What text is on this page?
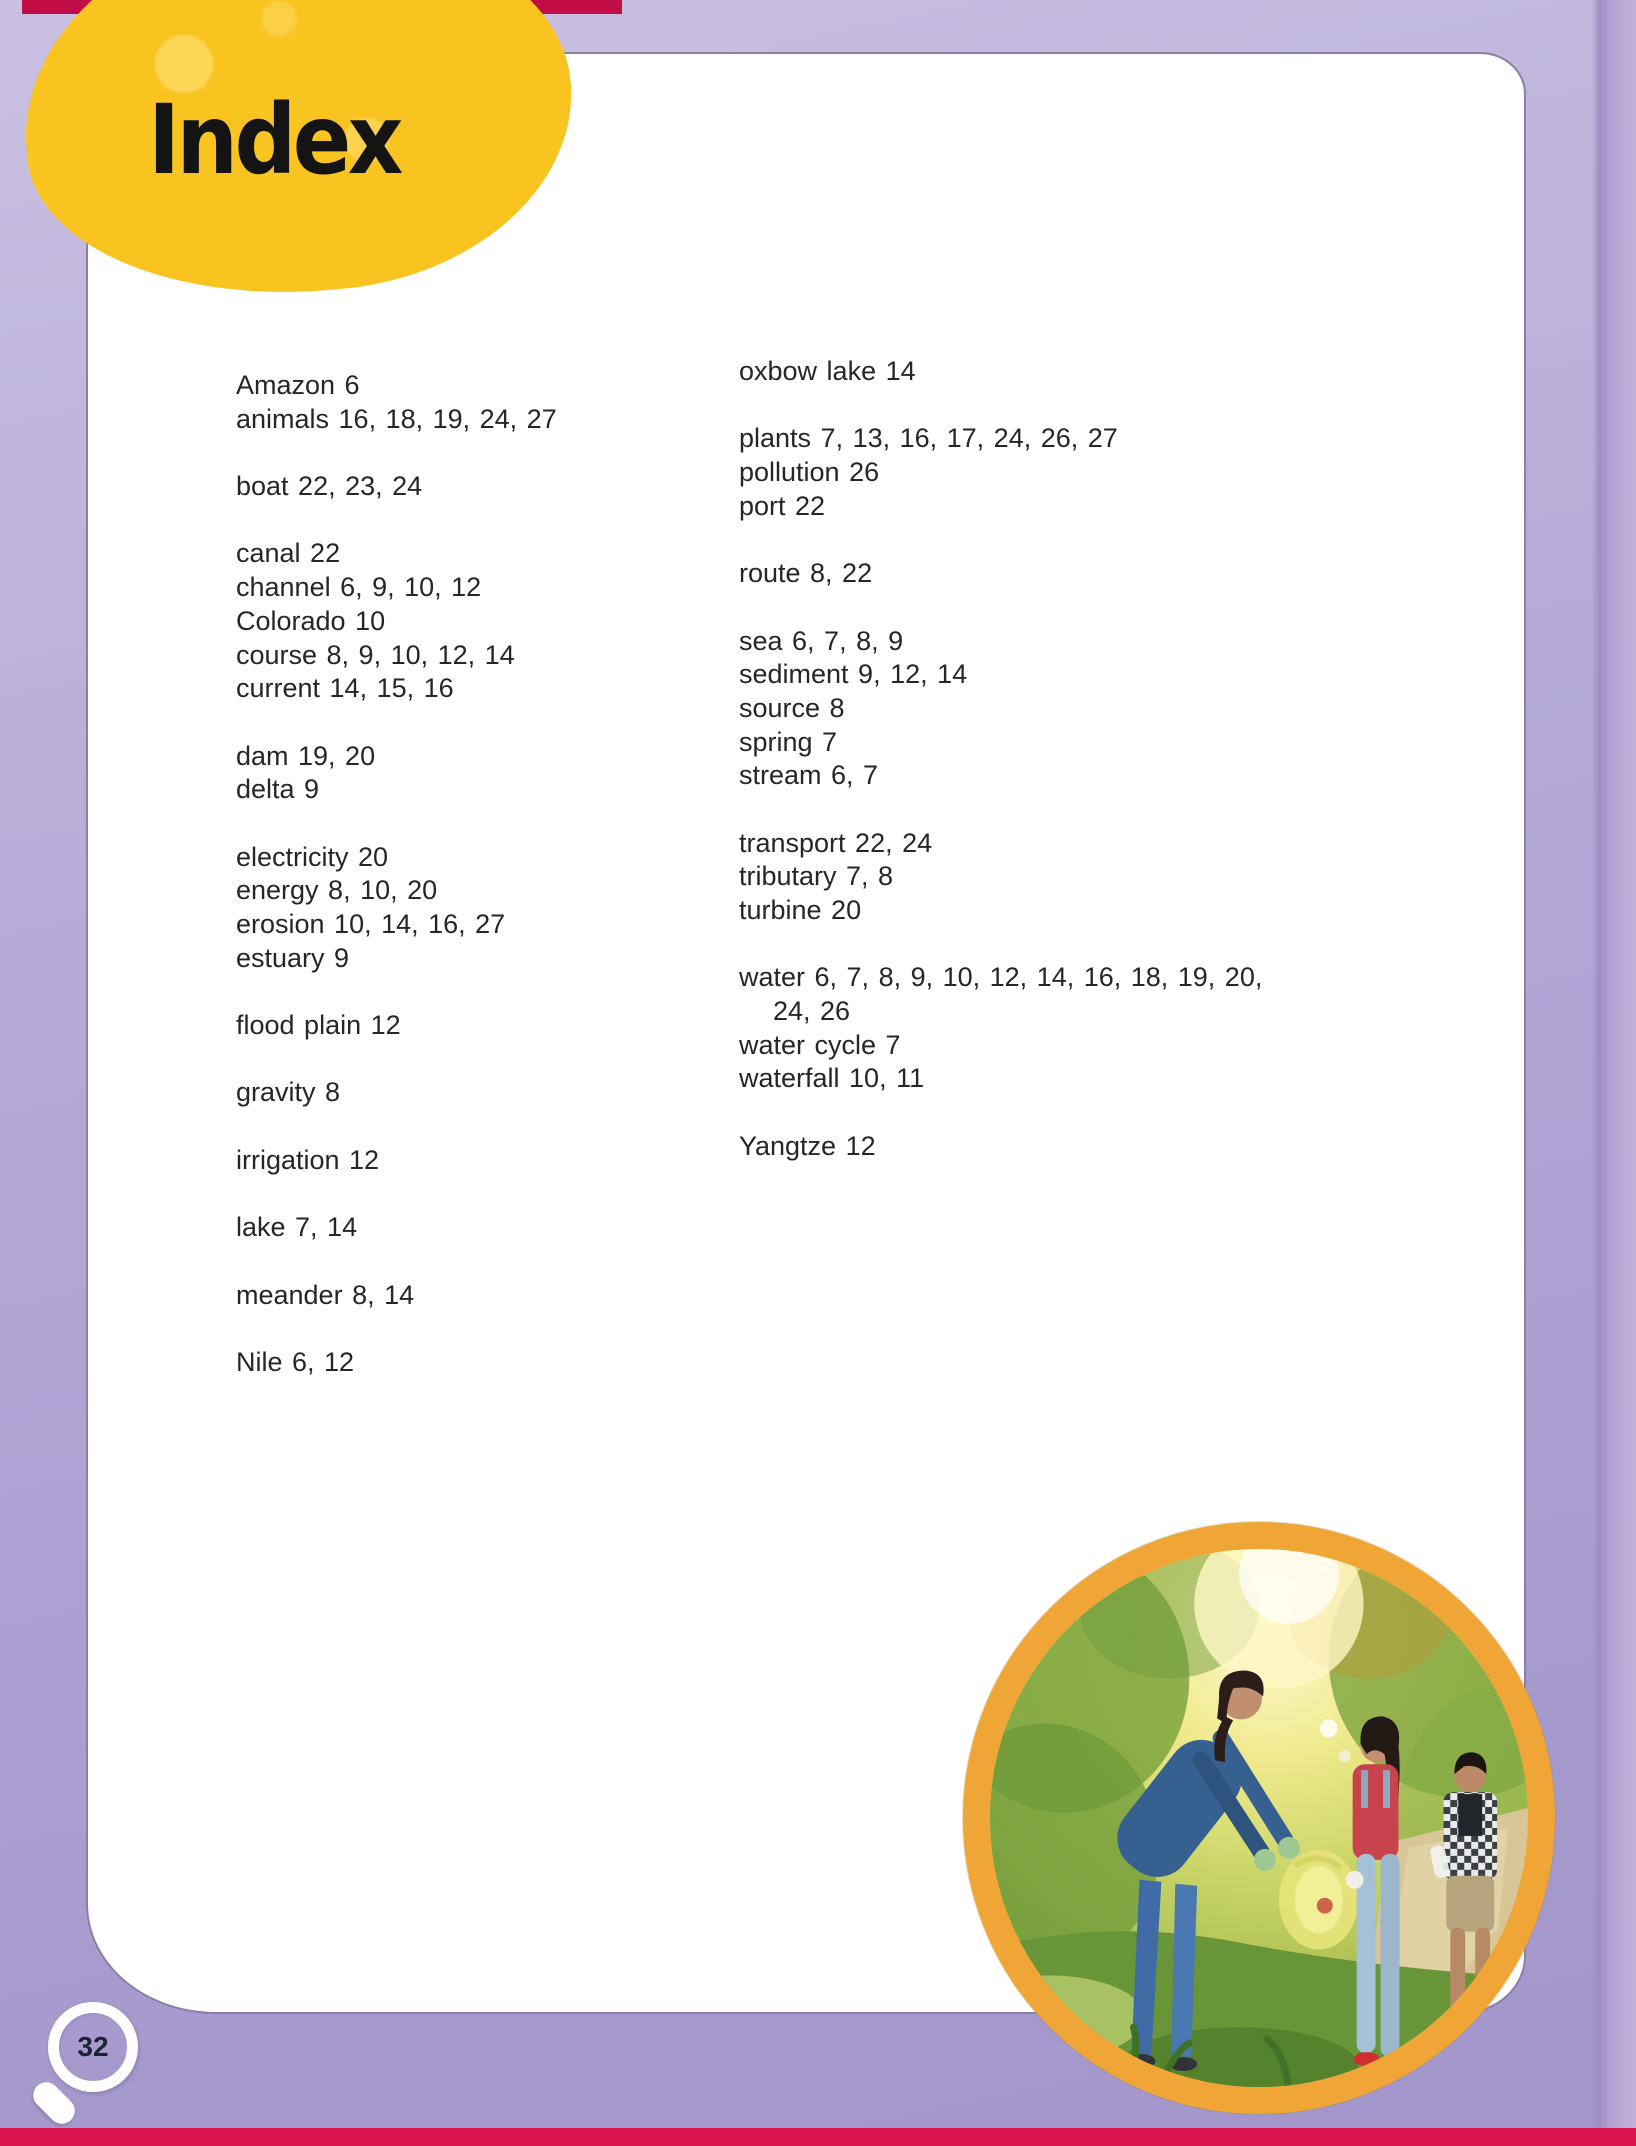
Amazon 6
animals 16, 18, 19, 24, 27
boat 22, 23, 24
canal 22
channel 6, 9, 10, 12
Colorado 10
course 8, 9, 10, 12, 14
current 14, 15, 16
dam 19, 20
delta 9
electricity 20
energy 8, 10, 20
erosion 10, 14, 16, 27
estuary 9
flood plain 12
gravity 8
irrigation 12
lake 7, 14
meander 8, 14
Nile 6, 12
oxbow lake 14
plants 7, 13, 16, 17, 24, 26, 27
pollution 26
port 22
route 8, 22
sea 6, 7, 8, 9
sediment 9, 12, 14
source 8
spring 7
stream 6, 7
transport 22, 24
tributary 7, 8
turbine 20
water 6, 7, 8, 9, 10, 12, 14, 16, 18, 19, 20,
24, 26
water cycle 7
waterfall 10, 11
Yangtze 12
Index
32
